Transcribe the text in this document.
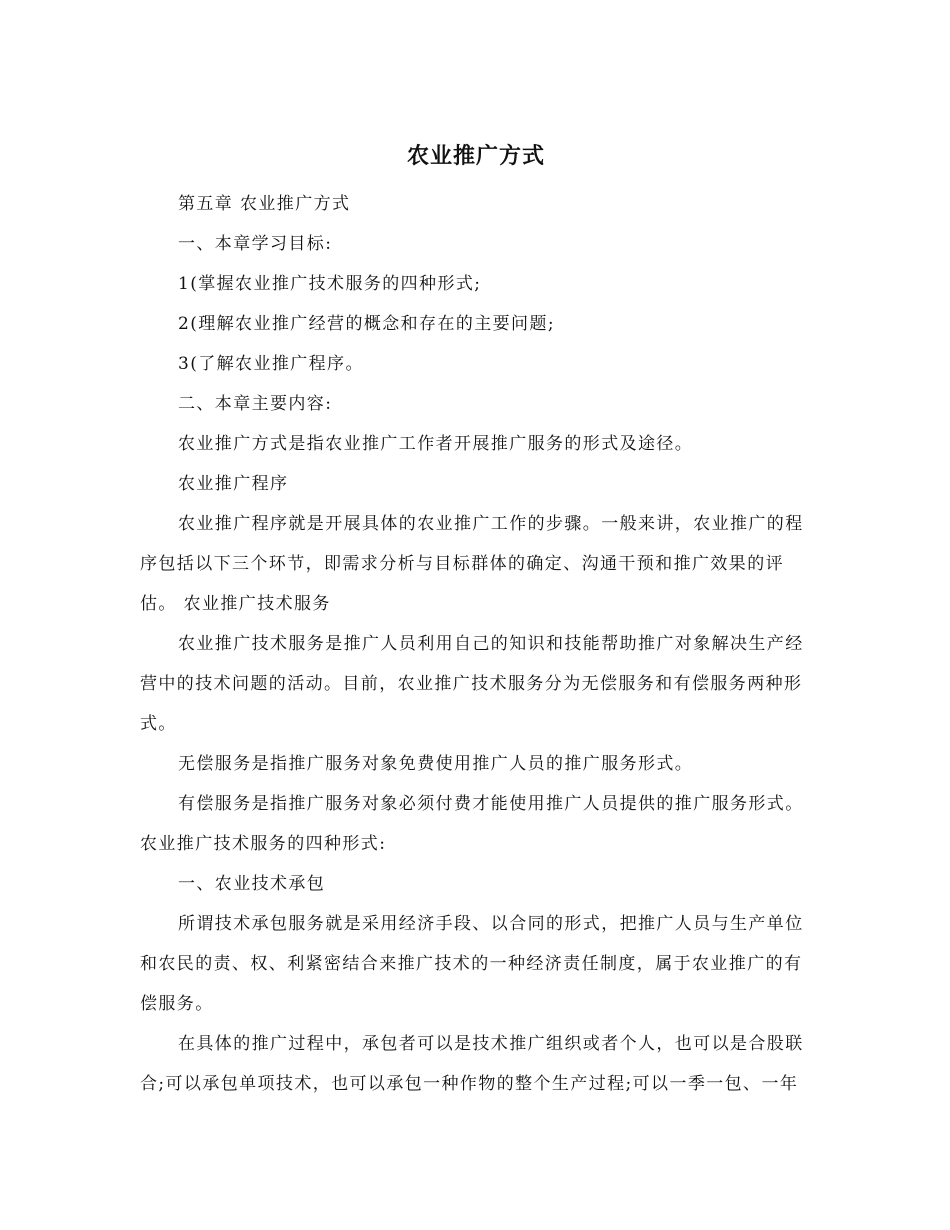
农业推广方式

第五章 农业推广方式

一、本章学习目标:

1(掌握农业推广技术服务的四种形式;

2(理解农业推广经营的概念和存在的主要问题;

3(了解农业推广程序。

二、本章主要内容:

农业推广方式是指农业推广工作者开展推广服务的形式及途径。

农业推广程序

农业推广程序就是开展具体的农业推广工作的步骤。一般来讲，农业推广的程序包括以下三个环节，即需求分析与目标群体的确定、沟通干预和推广效果的评估。 农业推广技术服务

农业推广技术服务是推广人员利用自己的知识和技能帮助推广对象解决生产经营中的技术问题的活动。目前，农业推广技术服务分为无偿服务和有偿服务两种形式。

无偿服务是指推广服务对象免费使用推广人员的推广服务形式。

有偿服务是指推广服务对象必须付费才能使用推广人员提供的推广服务形式。

农业推广技术服务的四种形式:

一、农业技术承包

所谓技术承包服务就是采用经济手段、以合同的形式，把推广人员与生产单位和农民的责、权、利紧密结合来推广技术的一种经济责任制度，属于农业推广的有偿服务。

在具体的推广过程中，承包者可以是技术推广组织或者个人，也可以是合股联合;可以承包单项技术，也可以承包一种作物的整个生产过程;可以一季一包、一年
